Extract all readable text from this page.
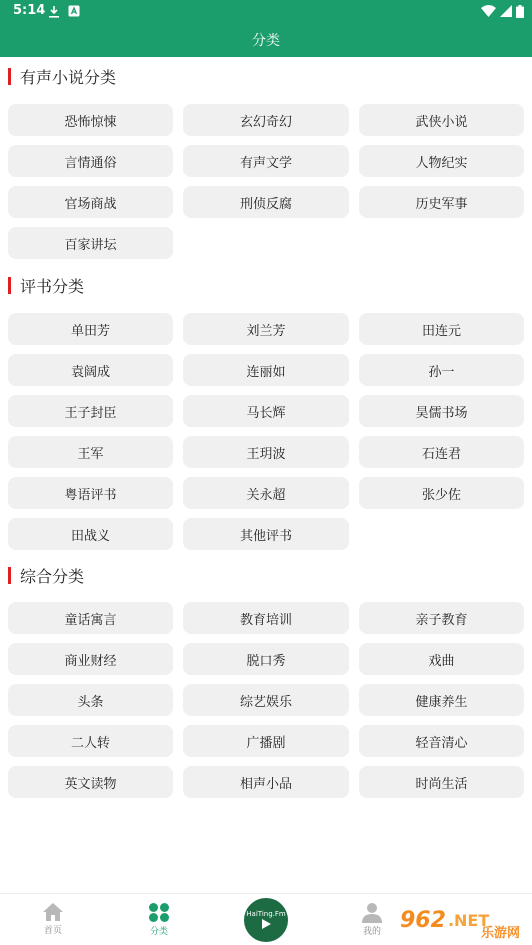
5:14
分类
有声小说分类
恐怖惊悚	玄幻奇幻	武侠小说
言情通俗	有声文学	人物纪实
官场商战	刑侦反腐	历史军事
百家讲坛
评书分类
单田芳	刘兰芳	田连元
袁阔成	连丽如	孙一
王子封臣	马长辉	昊儒书场
王军	王玥波	石连君
粤语评书	关永超	张少佐
田战义	其他评书
综合分类
童话寓言	教育培训	亲子教育
商业财经	脱口秀	戏曲
头条	综艺娱乐	健康养生
二人转	广播剧	轻音清心
英文读物	相声小品	时尚生活
首页	分类
HaiTing.Fm
我的 962 .NET
乐游网
